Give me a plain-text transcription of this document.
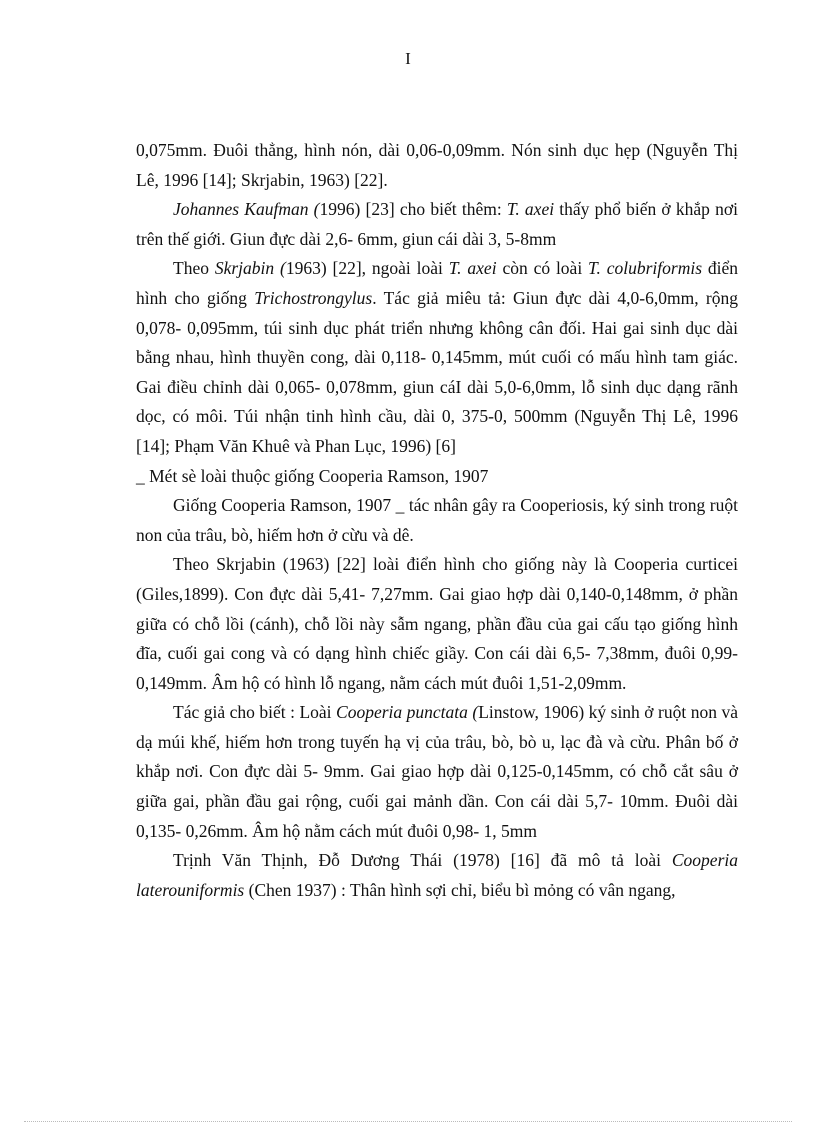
I

0,075mm. Đuôi thẳng, hình nón, dài 0,06-0,09mm. Nón sinh dục hẹp (Nguyễn Thị Lê, 1996 [14]; Skrjabin, 1963) [22].

Johannes Kaufman (1996) [23] cho biết thêm: T. axei thấy phổ biến ở khắp nơi trên thế giới. Giun đực dài 2,6- 6mm, giun cái dài 3, 5-8mm

Theo Skrjabin (1963) [22], ngoài loài T. axei còn có loài T. colubriformis điển hình cho giống Trichostrongylus. Tác giả miêu tả: Giun đực dài 4,0-6,0mm, rộng 0,078- 0,095mm, túi sinh dục phát triển nhưng không cân đối. Hai gai sinh dục dài bằng nhau, hình thuyền cong, dài 0,118- 0,145mm, mút cuối có mấu hình tam giác. Gai điều chỉnh dài 0,065- 0,078mm, giun cáI dài 5,0-6,0mm, lỗ sinh dục dạng rãnh dọc, có môi. Túi nhận tinh hình cầu, dài 0, 375-0, 500mm (Nguyễn Thị Lê, 1996 [14]; Phạm Văn Khuê và Phan Lục, 1996) [6]

_ Mét sè loài thuộc giống Cooperia Ramson, 1907

Giống Cooperia Ramson, 1907 _ tác nhân gây ra Cooperiosis, ký sinh trong ruột non của trâu, bò, hiếm hơn ở cừu và dê.

Theo Skrjabin (1963) [22] loài điển hình cho giống này là Cooperia curticei (Giles,1899). Con đực dài 5,41- 7,27mm. Gai giao hợp dài 0,140-0,148mm, ở phần giữa có chỗ lồi (cánh), chỗ lồi này sẫm ngang, phần đầu của gai cấu tạo giống hình đĩa, cuối gai cong và có dạng hình chiếc giầy. Con cái dài 6,5- 7,38mm, đuôi 0,99-0,149mm. Âm hộ có hình lỗ ngang, nằm cách mút đuôi 1,51-2,09mm.

Tác giả cho biết : Loài Cooperia punctata (Linstow, 1906) ký sinh ở ruột non và dạ múi khế, hiếm hơn trong tuyến hạ vị của trâu, bò, bò u, lạc đà và cừu. Phân bố ở khắp nơi. Con đực dài 5- 9mm. Gai giao hợp dài 0,125-0,145mm, có chỗ cắt sâu ở giữa gai, phần đầu gai rộng, cuối gai mảnh dần. Con cái dài 5,7- 10mm. Đuôi dài 0,135- 0,26mm. Âm hộ nằm cách mút đuôi 0,98- 1, 5mm

Trịnh Văn Thịnh, Đỗ Dương Thái (1978) [16] đã mô tả loài Cooperia laterouniformis (Chen 1937) : Thân hình sợi chỉ, biểu bì mỏng có vân ngang,
